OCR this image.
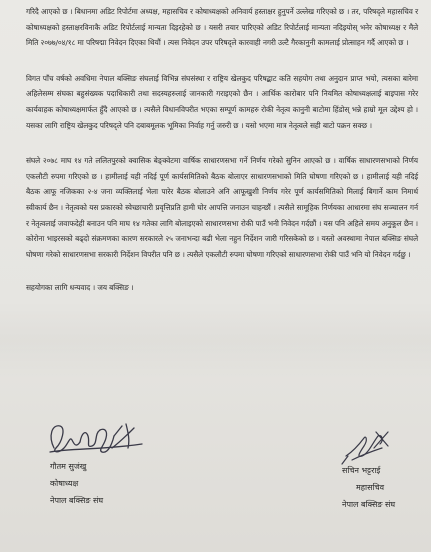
गरिदै आएको छ । बिधानमा अडिट रिपोर्टमा अध्यक्ष, महासचिव र कोषाध्यक्षको अनिवार्य हस्ताक्षर हुनुपर्ने उल्लेख गरिएको छ । तर, परिषद्ले महासचिव र कोषाध्यक्षको हस्ताक्षरविनाकै अडिट रिपोर्टलाई मान्यता दिइरहेको छ । यसरी तयार पारिएको अडिट रिपोर्टलाई मान्यता नदिइयोस् भनेर कोषाध्यक्ष र मैले मिति २०७७/०४/१८ मा परिषद्मा निवेदन दिएका थियौं । त्यस निवेदन उपर परिषद्ले कारवाही नगरी उल्टै गैरकानुनी कामलाई प्रोत्साहन गर्दै आएको छ ।

विगत पाँच वर्षको अवधिमा नेपाल बक्सिङ संघलाई विभिन्न संघसंस्था र राष्ट्रिय खेलकुद परिषद्बाट कति सहयोग तथा अनुदान प्राप्त भयो, त्यसका बारेमा अहिलेसम्म संघका बहुसंख्यक पदाधिकारी तथा सदस्यहरुलाई जानकारी गराइएको छैन । आर्थिक कारोबार पनि नियमित कोषाध्यक्षलाई बाइपास गरेर कार्यवाहक कोषाध्यक्षमार्फत हुँदै आएको छ । त्यसैले विधानविपरीत भएका सम्पूर्ण कामहरु रोकी नेतृत्व कानुनी बाटोमा हिंडोस् भन्ने हाम्रो मूल उद्देश्य हो । यसका लागि राष्ट्रिय खेलकुद परिषद्ले पनि दबाबमूलक भूमिका निर्वाह गर्नु जरुरी छ । यसो भएमा मात्र नेतृत्वले सही बाटो पक्रन सक्छ ।

संघले २०७८ माघ १४ गते ललितपुरको क्वासिक बेङ्क्वेटमा वार्षिक साधारणसभा गर्ने निर्णय गरेको सुनिन आएको छ । वार्षिक साधारणसभाको निर्णय एकलौटी रुपमा गरिएको छ । हामीलाई यही नदिई पूर्ण कार्यसमितिको बैठक बोलाएर साधारणसभाको मिति घोषणा गरिएको छ । हामीलाई यही नदिई बैठक आफू नजिकका २-४ जना व्यक्तिलाई भेला पारेर बैठक बोलाउने अनि आफूखुशी निर्णय गरेर पूर्ण कार्यसमितिको मिलाई बिगार्ने काम निमार्थ स्वीकार्य छैन । नेतृत्वको यस प्रकारको स्वेच्छाचारी प्रवृत्तिप्रति हामी घोर आपत्ति जनाउन चाहन्छौं । त्यसैले सामूहिक निर्णयका आधारमा संघ सञ्चालन गर्न र नेतृत्वलाई जवाफदेही बनाउन पनि माघ १४ गतेका लागि बोलाइएको साधारणसभा रोकी पाउँ भनी निवेदन गर्दछौं । यस पनि अहिले समय अनुकूल छैन । कोरोना भाइरसको बढ्दो संक्रमणका कारण सरकारले २५ जनाभन्दा बढी भेला नहुन निर्देशन जारी गरिसकेको छ । यस्तो अवस्थामा नेपाल बक्सिङ संघले घोषणा गरेको साधारणसभा सरकारी निर्देशन विपरीत पनि छ । त्यसैले एकलौटी रुपमा घोषणा गरिएको साधारणसभा रोकी पाउँ भनि यो निवेदन गर्दछु ।

सहयोगका लागि धन्यवाद । जय बक्सिङ ।

गौतम सुजंखु
कोषाध्यक्ष
नेपाल बक्सिङ संघ
सचिन भट्टराई
महासचिव
नेपाल बक्सिङ संघ
